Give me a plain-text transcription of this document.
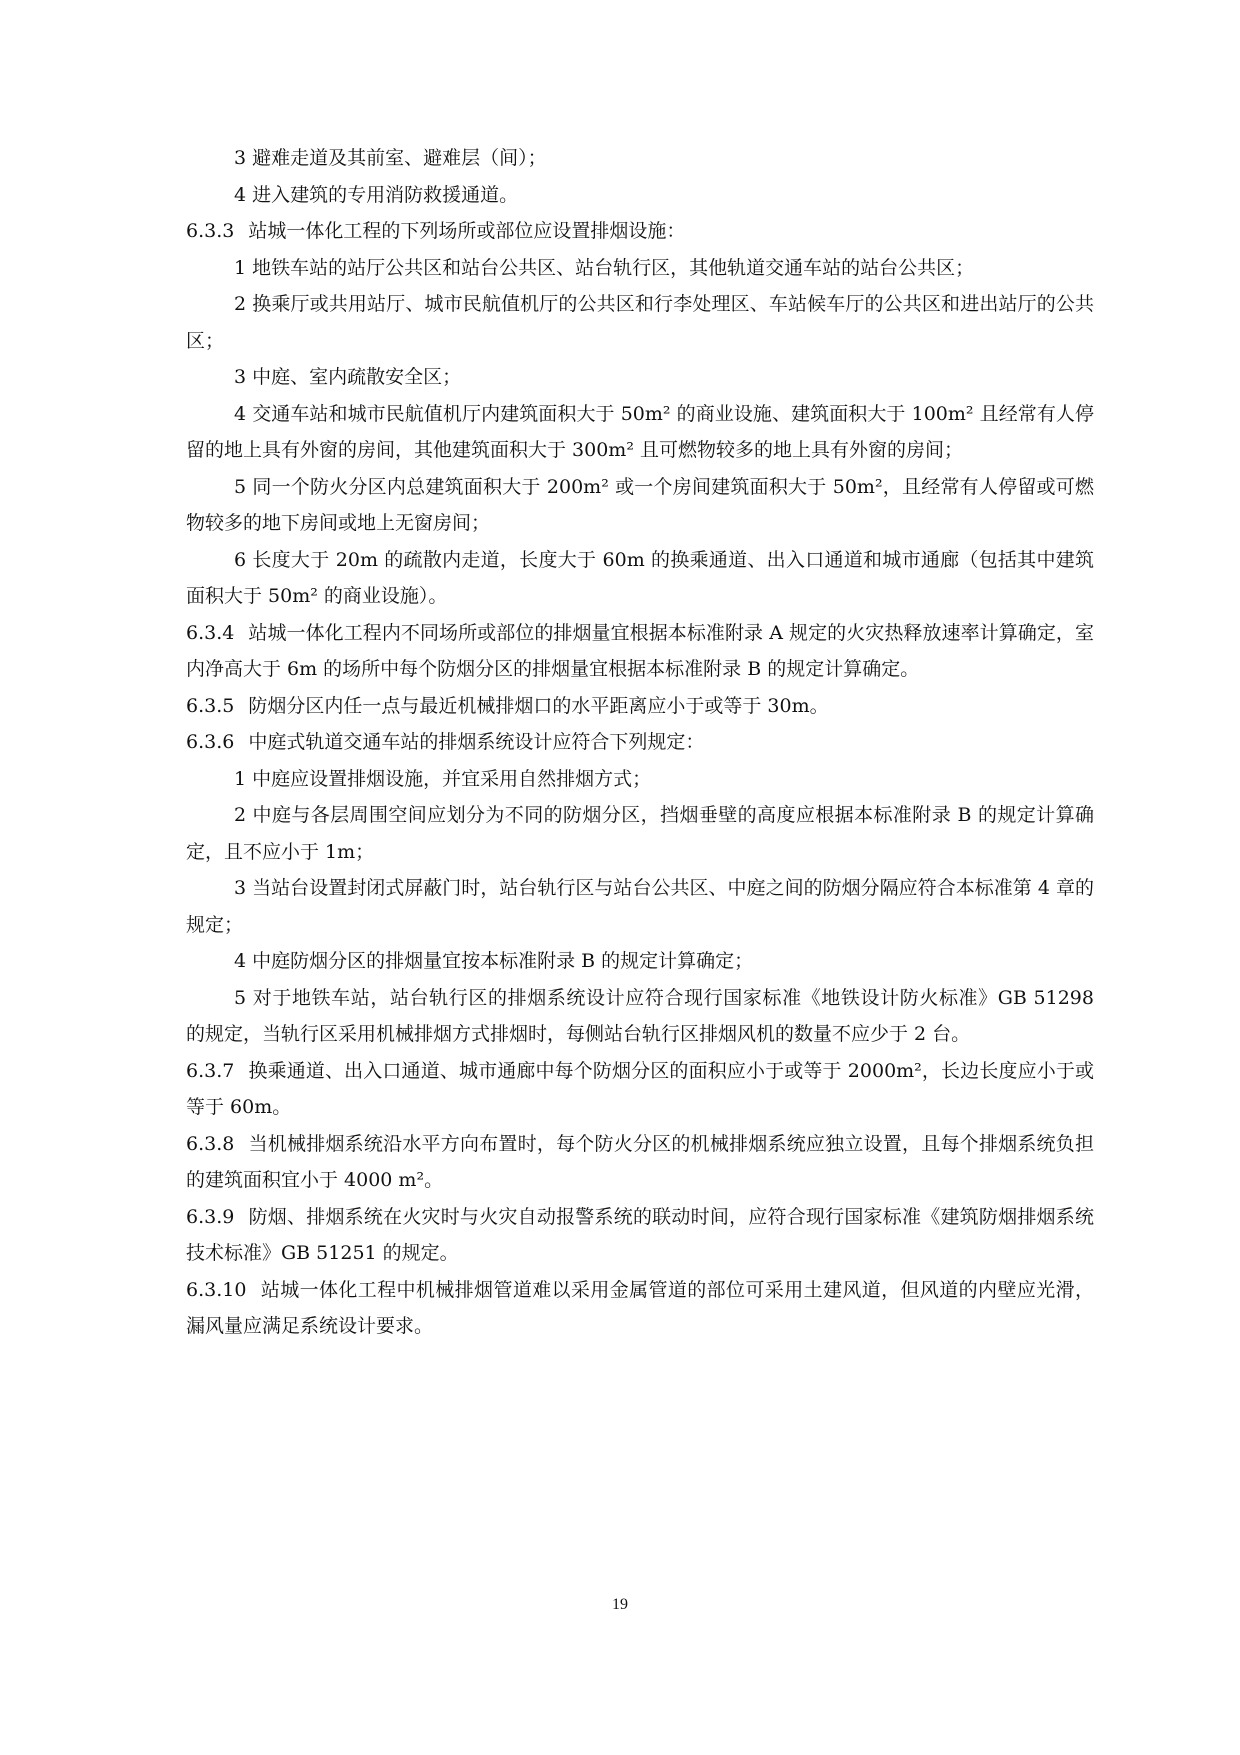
3 避难走道及其前室、避难层（间）；

4 进入建筑的专用消防救援通道。

6.3.3 站城一体化工程的下列场所或部位应设置排烟设施：

1 地铁车站的站厅公共区和站台公共区、站台轨行区，其他轨道交通车站的站台公共区；

2 换乘厅或共用站厅、城市民航值机厅的公共区和行李处理区、车站候车厅的公共区和进出站厅的公共区；

3 中庭、室内疏散安全区；

4 交通车站和城市民航值机厅内建筑面积大于 50m² 的商业设施、建筑面积大于 100m² 且经常有人停留的地上具有外窗的房间，其他建筑面积大于 300m² 且可燃物较多的地上具有外窗的房间；

5 同一个防火分区内总建筑面积大于 200m² 或一个房间建筑面积大于 50m²，且经常有人停留或可燃物较多的地下房间或地上无窗房间；

6 长度大于 20m 的疏散内走道，长度大于 60m 的换乘通道、出入口通道和城市通廊（包括其中建筑面积大于 50m² 的商业设施）。

6.3.4 站城一体化工程内不同场所或部位的排烟量宜根据本标准附录 A 规定的火灾热释放速率计算确定，室内净高大于 6m 的场所中每个防烟分区的排烟量宜根据本标准附录 B 的规定计算确定。

6.3.5 防烟分区内任一点与最近机械排烟口的水平距离应小于或等于 30m。

6.3.6 中庭式轨道交通车站的排烟系统设计应符合下列规定：

1 中庭应设置排烟设施，并宜采用自然排烟方式；

2 中庭与各层周围空间应划分为不同的防烟分区，挡烟垂壁的高度应根据本标准附录 B 的规定计算确定，且不应小于 1m；

3 当站台设置封闭式屏蔽门时，站台轨行区与站台公共区、中庭之间的防烟分隔应符合本标准第 4 章的规定；

4 中庭防烟分区的排烟量宜按本标准附录 B 的规定计算确定；

5 对于地铁车站，站台轨行区的排烟系统设计应符合现行国家标准《地铁设计防火标准》GB 51298 的规定，当轨行区采用机械排烟方式排烟时，每侧站台轨行区排烟风机的数量不应少于 2 台。

6.3.7 换乘通道、出入口通道、城市通廊中每个防烟分区的面积应小于或等于 2000m²，长边长度应小于或等于 60m。

6.3.8 当机械排烟系统沿水平方向布置时，每个防火分区的机械排烟系统应独立设置，且每个排烟系统负担的建筑面积宜小于 4000 m²。

6.3.9 防烟、排烟系统在火灾时与火灾自动报警系统的联动时间，应符合现行国家标准《建筑防烟排烟系统技术标准》GB 51251 的规定。

6.3.10 站城一体化工程中机械排烟管道难以采用金属管道的部位可采用土建风道，但风道的内壁应光滑，漏风量应满足系统设计要求。

19
